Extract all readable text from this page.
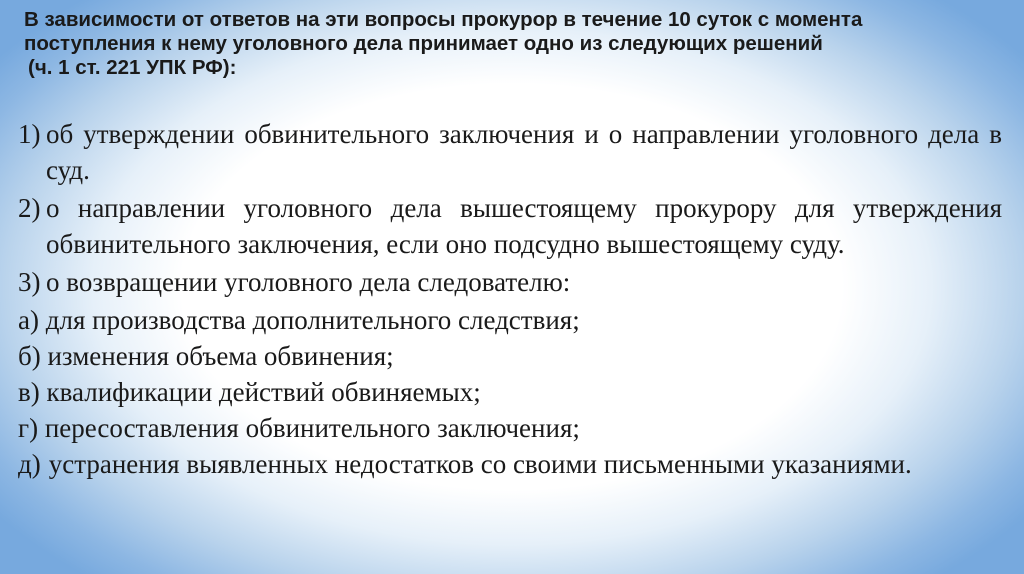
В зависимости от ответов на эти вопросы прокурор в течение 10 суток с момента
поступления к нему уголовного дела принимает одно из следующих решений
(ч. 1 ст. 221 УПК РФ):
1) об утверждении обвинительного заключения и о направлении уголовного дела в суд.
2) о направлении уголовного дела вышестоящему прокурору для утверждения обвинительного заключения, если оно подсудно вышестоящему суду.
3) о возвращении уголовного дела следователю:
а) для производства дополнительного следствия;
б) изменения объема обвинения;
в) квалификации действий обвиняемых;
г) пересоставления обвинительного заключения;
д) устранения выявленных недостатков со своими письменными указаниями.
